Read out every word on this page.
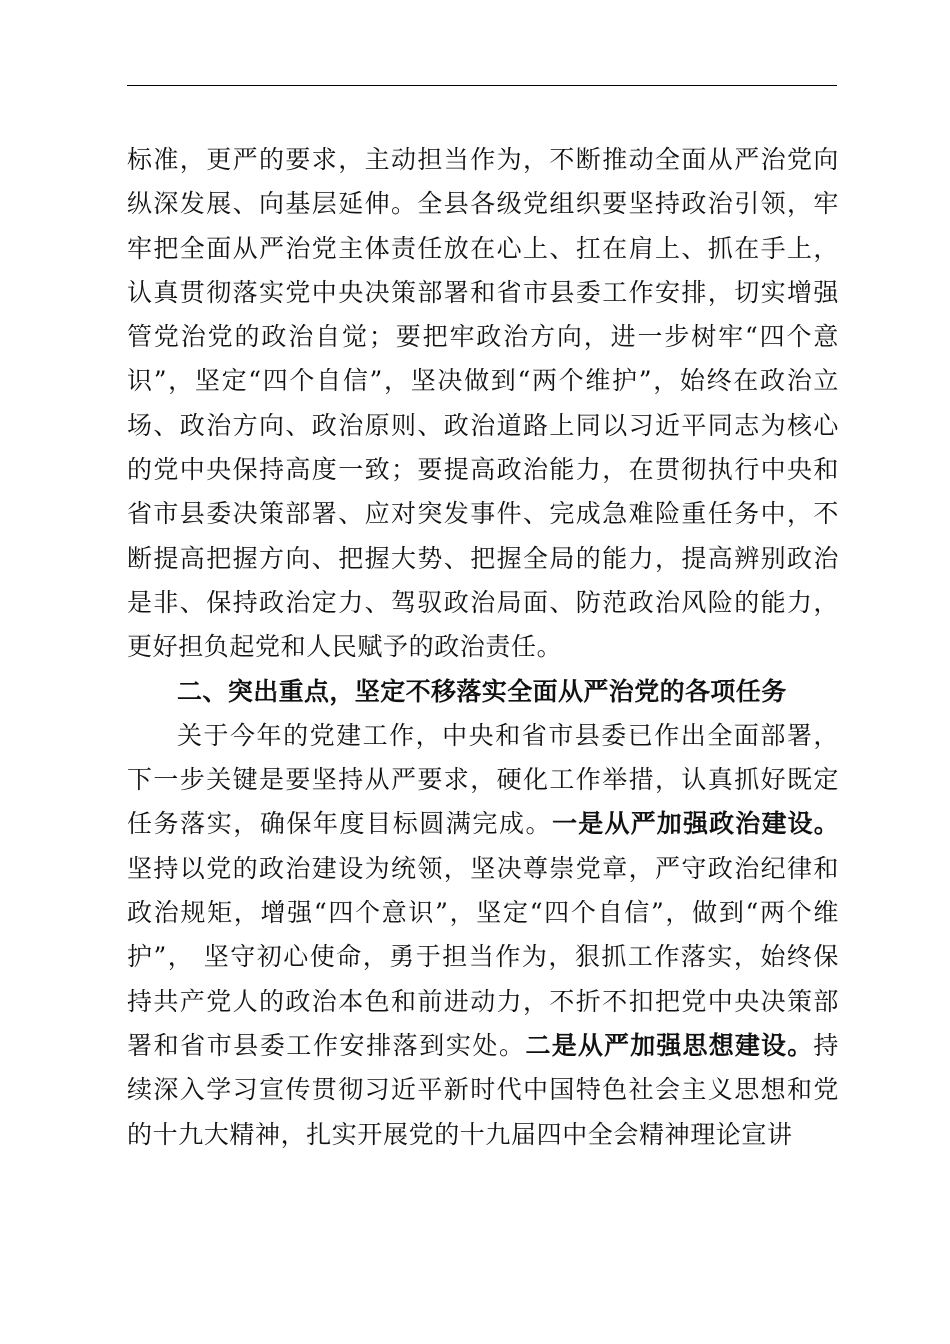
标准，更严的要求，主动担当作为，不断推动全面从严治党向纵深发展、向基层延伸。全县各级党组织要坚持政治引领，牢牢把全面从严治党主体责任放在心上、扛在肩上、抓在手上，认真贯彻落实党中央决策部署和省市县委工作安排，切实增强管党治党的政治自觉；要把牢政治方向，进一步树牢“四个意识”，坚定“四个自信”，坚决做到“两个维护”，始终在政治立场、政治方向、政治原则、政治道路上同以习近平同志为核心的党中央保持高度一致；要提高政治能力，在贯彻执行中央和省市县委决策部署、应对突发事件、完成急难险重任务中，不断提高把握方向、把握大势、把握全局的能力，提高辨别政治是非、保持政治定力、驾驭政治局面、防范政治风险的能力，更好担负起党和人民赋予的政治责任。

二、突出重点，坚定不移落实全面从严治党的各项任务

关于今年的党建工作，中央和省市县委已作出全面部署，下一步关键是要坚持从严要求，硬化工作举措，认真抓好既定任务落实，确保年度目标圆满完成。一是从严加强政治建设。坚持以党的政治建设为统领，坚决尊崇党章，严守政治纪律和政治规矩，增强“四个意识”，坚定“四个自信”，做到“两个维护”， 坚守初心使命，勇于担当作为，狠抓工作落实，始终保持共产党人的政治本色和前进动力，不折不扣把党中央决策部署和省市县委工作安排落到实处。二是从严加强思想建设。持续深入学习宣传贯彻习近平新时代中国特色社会主义思想和党的十九大精神，扎实开展党的十九届四中全会精神理论宣讲
